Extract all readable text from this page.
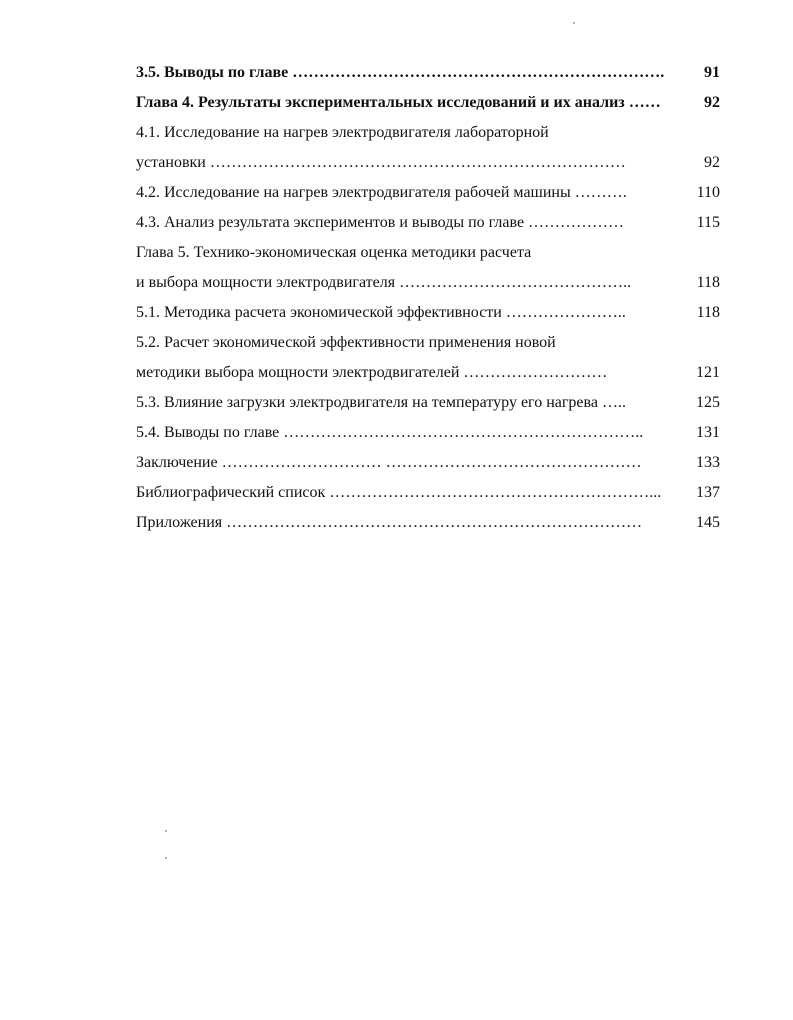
3.5. Выводы по главе ……………………………………………………………. 91
Глава 4. Результаты экспериментальных исследований и их анализ ……	92
4.1. Исследование на нагрев электродвигателя лабораторной
установки ……………………………………………………………………	92
4.2. Исследование на нагрев электродвигателя рабочей машины ……….	110
4.3. Анализ результата экспериментов и выводы по главе ………………	115
Глава 5. Технико-экономическая оценка методики расчета
и выбора мощности электродвигателя ……………………………………..	118
5.1. Методика расчета экономической эффективности …………………..	118
5.2. Расчет экономической эффективности применения новой
методики выбора мощности электродвигателей ………………………	121
5.3. Влияние загрузки электродвигателя на температуру его нагрева …..	125
5.4. Выводы по главе …………………………………………………………..	131
Заключение ………………………… …………………………………………	133
Библиографический список ……………………………………………………... 137
Приложения ……………………………………………………………………	145
